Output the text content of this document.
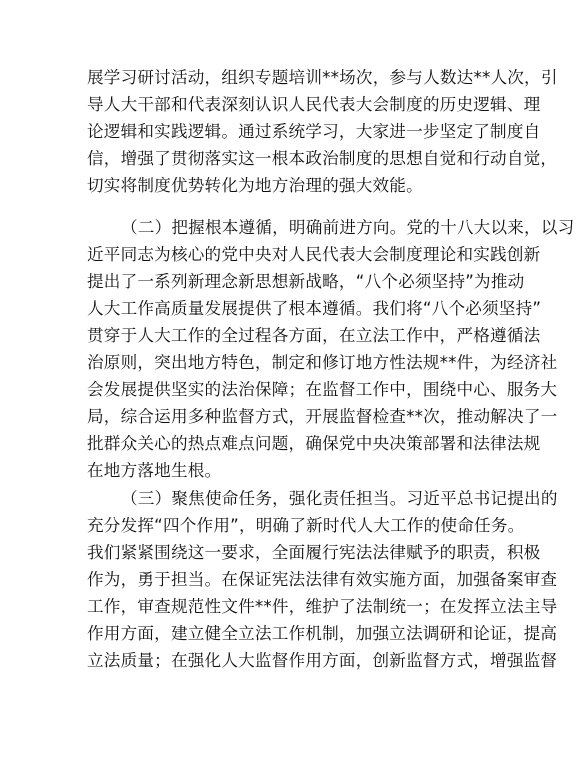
展学习研讨活动，组织专题培训**场次，参与人数达**人次，引
导人大干部和代表深刻认识人民代表大会制度的历史逻辑、理
论逻辑和实践逻辑。通过系统学习，大家进一步坚定了制度自
信，增强了贯彻落实这一根本政治制度的思想自觉和行动自觉，
切实将制度优势转化为地方治理的强大效能。
（二）把握根本遵循，明确前进方向。党的十八大以来，以习
近平同志为核心的党中央对人民代表大会制度理论和实践创新
提出了一系列新理念新思想新战略，“八个必须坚持”为推动
人大工作高质量发展提供了根本遵循。我们将“八个必须坚持”
贯穿于人大工作的全过程各方面，在立法工作中，严格遵循法
治原则，突出地方特色，制定和修订地方性法规**件，为经济社
会发展提供坚实的法治保障；在监督工作中，围绕中心、服务大
局，综合运用多种监督方式，开展监督检查**次，推动解决了一
批群众关心的热点难点问题，确保党中央决策部署和法律法规
在地方落地生根。
（三）聚焦使命任务，强化责任担当。习近平总书记提出的
充分发挥“四个作用”，明确了新时代人大工作的使命任务。
我们紧紧围绕这一要求，全面履行宪法法律赋予的职责，积极
作为，勇于担当。在保证宪法法律有效实施方面，加强备案审查
工作，审查规范性文件**件，维护了法制统一；在发挥立法主导
作用方面，建立健全立法工作机制，加强立法调研和论证，提高
立法质量；在强化人大监督作用方面，创新监督方式，增强监督
